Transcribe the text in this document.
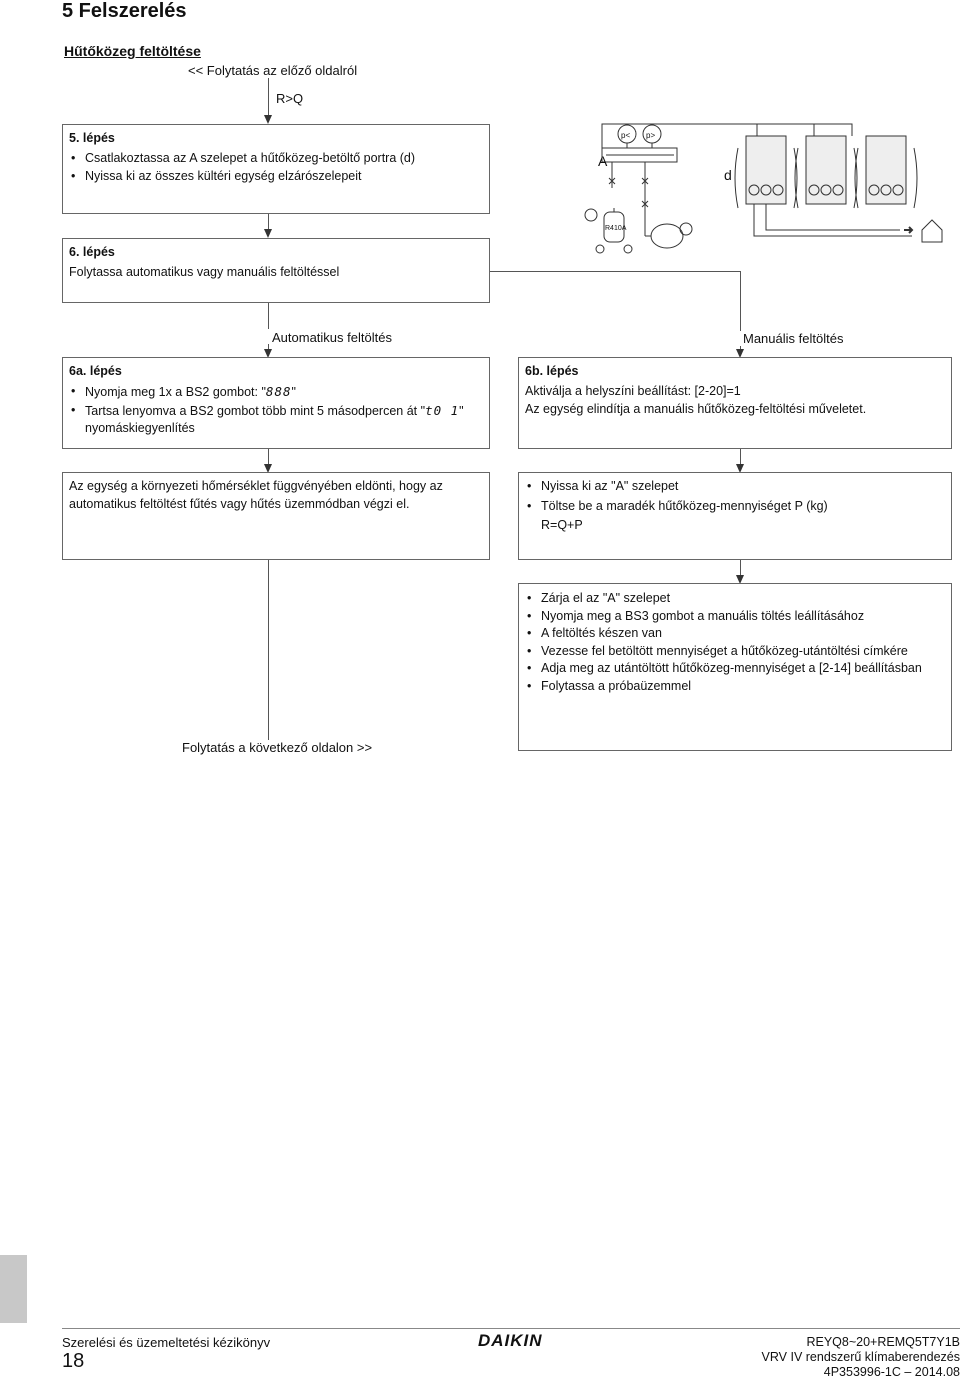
5 Felszerelés
Hűtőközeg feltöltése
<< Folytatás az előző oldalról
R>Q
5. lépés
• Csatlakoztassa az A szelepet a hűtőközeg-betöltő portra (d)
• Nyissa ki az összes kültéri egység elzárószelepeit
6. lépés
Folytassa automatikus vagy manuális feltöltéssel
A
d
p< p>
R410A
Automatikus feltöltés	Manuális feltöltés
6a. lépés
• Nyomja meg 1x a BS2 gombot: "888"
• Tartsa lenyomva a BS2 gombot több mint 5 másodpercen át "t0 1"
nyomáskiegyenlítés
6b. lépés
Aktiválja a helyszíni beállítást: [2-20]=1
Az egység elindítja a manuális hűtőközeg-feltöltési műveletet.
Az egység a környezeti hőmérséklet függvényében eldönti, hogy az automatikus feltöltést fűtés vagy hűtés üzemmódban végzi el.
• Nyissa ki az "A" szelepet
• Töltse be a maradék hűtőközeg-mennyiséget P (kg)
R=Q+P
• Zárja el az "A" szelepet
• Nyomja meg a BS3 gombot a manuális töltés leállításához
• A feltöltés készen van
• Vezesse fel betöltött mennyiséget a hűtőközeg-utántöltési címkére
• Adja meg az utántöltött hűtőközeg-mennyiséget a [2-14] beállításban
• Folytassa a próbaüzemmel
Folytatás a következő oldalon >>
Szerelési és üzemeltetési kézikönyv
18
DAIKIN	REYQ8~20+REMQ5T7Y1B
VRV IV rendszerű klímaberendezés
4P353996-1C – 2014.08
